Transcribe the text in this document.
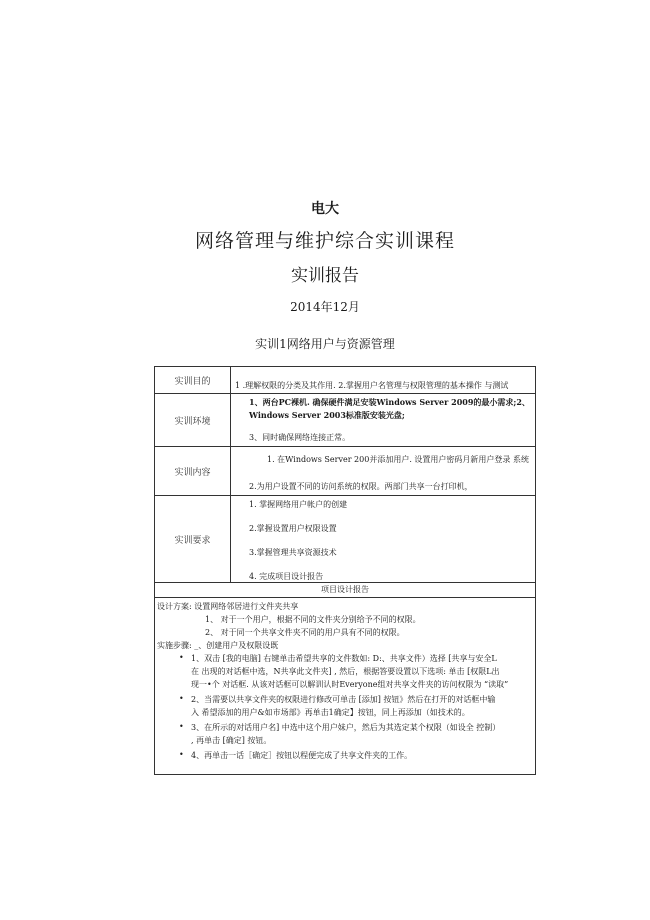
电大
网络管理与维护综合实训课程
实训报告
2014年12月
实训1网络用户与资源管理
实训目的	1 .理解权限的分类及其作用. 2.掌握用户名管理与权限管理的基本操作 与测试
实训环境
1、两台PC裸机. 确保硬件满足安装Windows Server 2009的最小需求;2、
Windows Server 2003标准版安装光盘;
3、同时确保网络连接正常。
实训内容
1. 在Windows Server 200并添加用户. 设置用户密码月新用户登录 系统
2.为用户设置不同的访问系统的权限。两部门共享一台打印机，
实训要求
1. 掌握网络用户帐户的创建
2.掌握设置用户权限设置
3.掌握管理共享资源技术
4. 完成项目设计报告
项目设计报告
设计方案: 设置网络邻居进行文件夹共享
1、 对于一个用户，根据不同的文件夹分别给予不同的权限。
2、 对于同一个共享文件夹不同的用户具有不同的权限。
实施步骤: _、创建用户及权限设既
• 1、双击 [我的电脑] 右键单击希望共享的文件数如: D:、共享文件）选择 [共享与安全L
在 出现的对话框中选，N共享此文件夹] , 然后，根据答要设置以下选项: 单击 [权限L出
现一•个 对话框. 从该对话框可以解训认时Everyone组对共享文件夹的访问权限为 “读取”
• 2、当需要以共享文件夹的权限进行修改可单击 [添加] 按钮》然后在打开的对话框中输
入 希望添加的用户&如市场部》再单击1确定】按钮，同上再添加（如技术的。
• 3、在所示的对话用户名] 中选中这个用户妹户，然后为其选定某个权限（如设全 控制）
, 再单击 [确定] 按钮。
• 4、再单击一话［确定］按钮以程便完成了共享文件夹的工作。
